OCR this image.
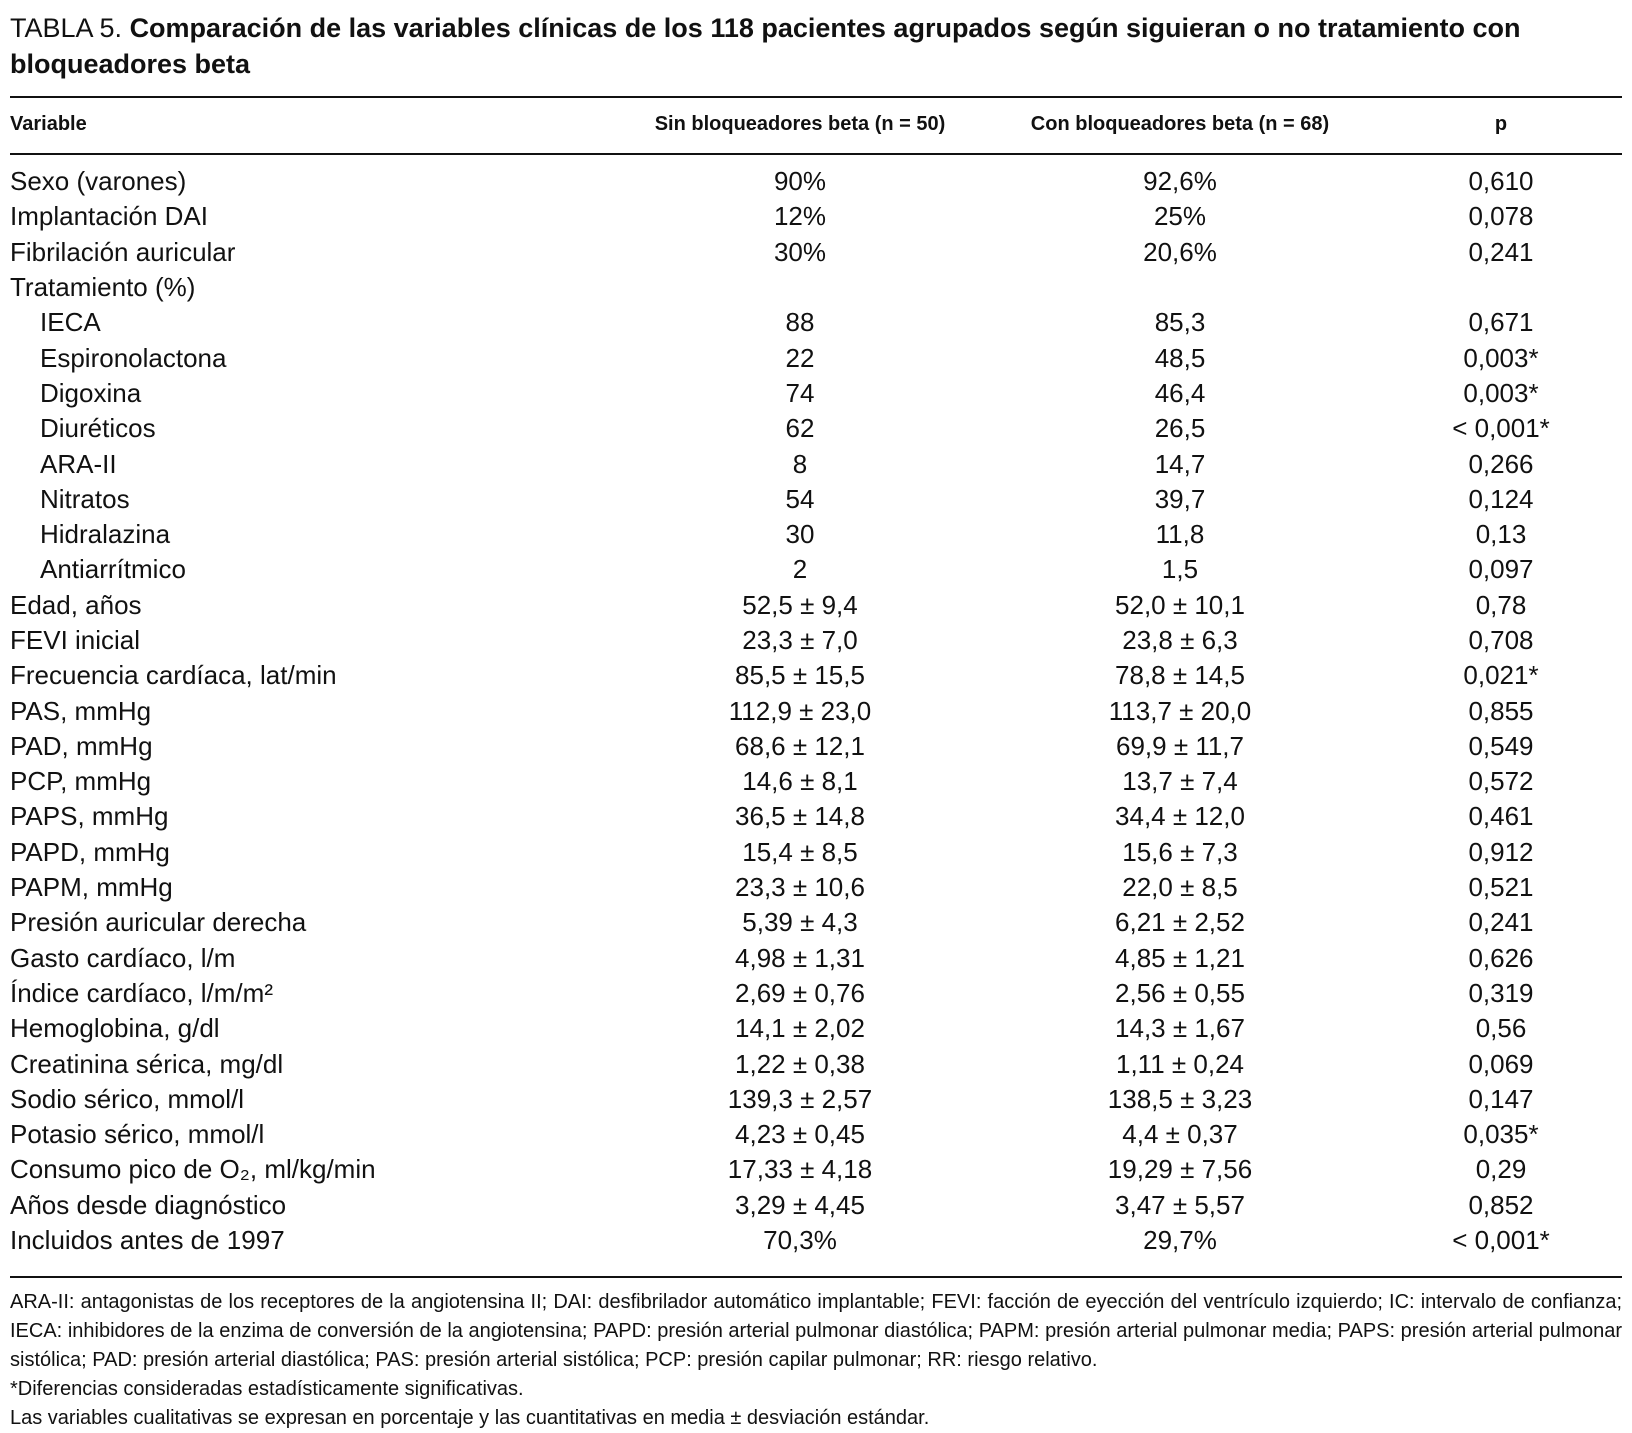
TABLA 5. Comparación de las variables clínicas de los 118 pacientes agrupados según siguieran o no tratamiento con bloqueadores beta
Variable	Sin bloqueadores beta (n = 50)	Con bloqueadores beta (n = 68)	p
Sexo (varones)	90%	92,6%	0,610
Implantación DAI	12%	25%	0,078
Fibrilación auricular	30%	20,6%	0,241
Tratamiento (%)			
IECA	88	85,3	0,671
Espironolactona	22	48,5	0,003*
Digoxina	74	46,4	0,003*
Diuréticos	62	26,5	< 0,001*
ARA-II	8	14,7	0,266
Nitratos	54	39,7	0,124
Hidralazina	30	11,8	0,13
Antiarrítmico	2	1,5	0,097
Edad, años	52,5 ± 9,4	52,0 ± 10,1	0,78
FEVI inicial	23,3 ± 7,0	23,8 ± 6,3	0,708
Frecuencia cardíaca, lat/min	85,5 ± 15,5	78,8 ± 14,5	0,021*
PAS, mmHg	112,9 ± 23,0	113,7 ± 20,0	0,855
PAD, mmHg	68,6 ± 12,1	69,9 ± 11,7	0,549
PCP, mmHg	14,6 ± 8,1	13,7 ± 7,4	0,572
PAPS, mmHg	36,5 ± 14,8	34,4 ± 12,0	0,461
PAPD, mmHg	15,4 ± 8,5	15,6 ± 7,3	0,912
PAPM, mmHg	23,3 ± 10,6	22,0 ± 8,5	0,521
Presión auricular derecha	5,39 ± 4,3	6,21 ± 2,52	0,241
Gasto cardíaco, l/m	4,98 ± 1,31	4,85 ± 1,21	0,626
Índice cardíaco, l/m/m²	2,69 ± 0,76	2,56 ± 0,55	0,319
Hemoglobina, g/dl	14,1 ± 2,02	14,3 ± 1,67	0,56
Creatinina sérica, mg/dl	1,22 ± 0,38	1,11 ± 0,24	0,069
Sodio sérico, mmol/l	139,3 ± 2,57	138,5 ± 3,23	0,147
Potasio sérico, mmol/l	4,23 ± 0,45	4,4 ± 0,37	0,035*
Consumo pico de O₂, ml/kg/min	17,33 ± 4,18	19,29 ± 7,56	0,29
Años desde diagnóstico	3,29 ± 4,45	3,47 ± 5,57	0,852
Incluidos antes de 1997	70,3%	29,7%	< 0,001*

ARA-II: antagonistas de los receptores de la angiotensina II; DAI: desfibrilador automático implantable; FEVI: facción de eyección del ventrículo izquierdo; IC: intervalo de confianza; IECA: inhibidores de la enzima de conversión de la angiotensina; PAPD: presión arterial pulmonar diastólica; PAPM: presión arterial pulmonar media; PAPS: presión arterial pulmonar sistólica; PAD: presión arterial diastólica; PAS: presión arterial sistólica; PCP: presión capilar pulmonar; RR: riesgo relativo.

*Diferencias consideradas estadísticamente significativas.

Las variables cualitativas se expresan en porcentaje y las cuantitativas en media ± desviación estándar.
